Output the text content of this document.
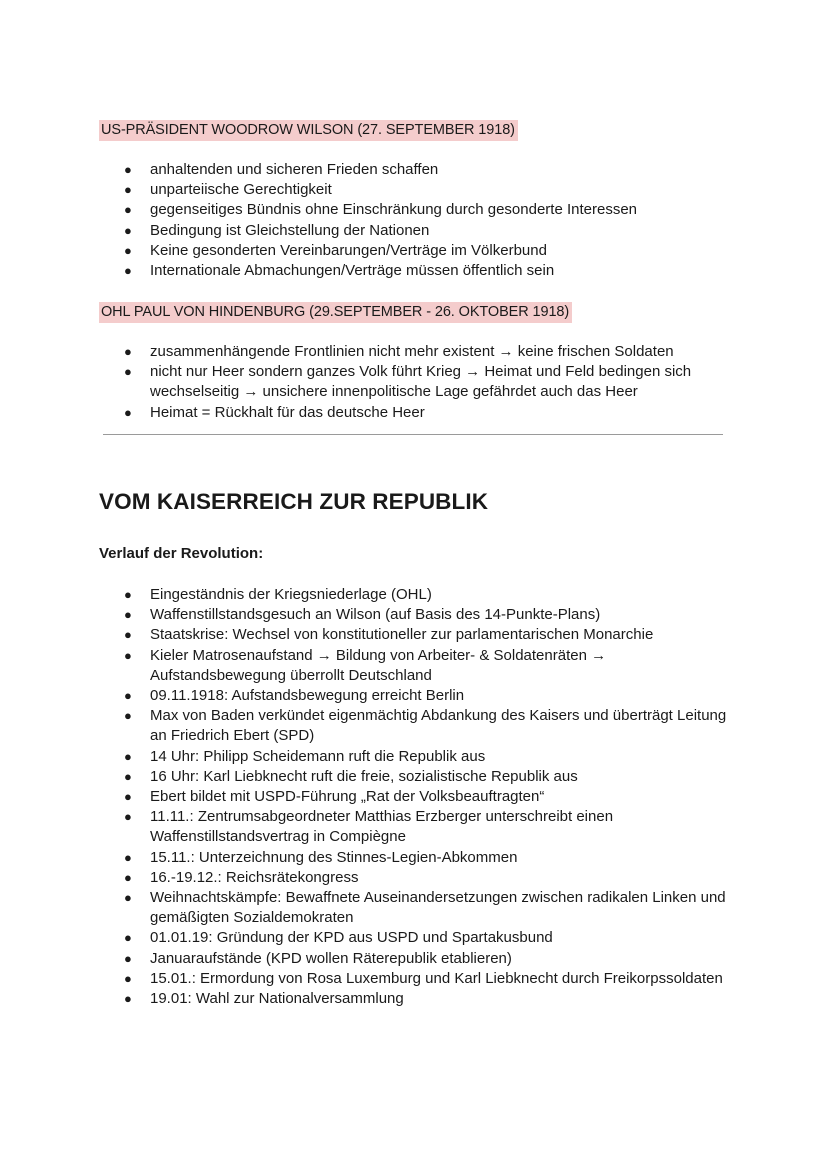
US-PRÄSIDENT WOODROW WILSON (27. SEPTEMBER 1918)
● anhaltenden und sicheren Frieden schaffen
● unparteiische Gerechtigkeit
● gegenseitiges Bündnis ohne Einschränkung durch gesonderte Interessen
● Bedingung ist Gleichstellung der Nationen
● Keine gesonderten Vereinbarungen/Verträge im Völkerbund
● Internationale Abmachungen/Verträge müssen öffentlich sein
OHL PAUL VON HINDENBURG (29.SEPTEMBER - 26. OKTOBER 1918)
● zusammenhängende Frontlinien nicht mehr existent → keine frischen Soldaten
● nicht nur Heer sondern ganzes Volk führt Krieg → Heimat und Feld bedingen sich wechselseitig → unsichere innenpolitische Lage gefährdet auch das Heer
● Heimat = Rückhalt für das deutsche Heer
VOM KAISERREICH ZUR REPUBLIK
Verlauf der Revolution:
● Eingeständnis der Kriegsniederlage (OHL)
● Waffenstillstandsgesuch an Wilson (auf Basis des 14-Punkte-Plans)
● Staatskrise: Wechsel von konstitutioneller zur parlamentarischen Monarchie
● Kieler Matrosenaufstand → Bildung von Arbeiter- & Soldatenräten → Aufstandsbewegung überrollt Deutschland
● 09.11.1918: Aufstandsbewegung erreicht Berlin
● Max von Baden verkündet eigenmächtig Abdankung des Kaisers und überträgt Leitung an Friedrich Ebert (SPD)
● 14 Uhr: Philipp Scheidemann ruft die Republik aus
● 16 Uhr: Karl Liebknecht ruft die freie, sozialistische Republik aus
● Ebert bildet mit USPD-Führung „Rat der Volksbeauftragten“
● 11.11.: Zentrumsabgeordneter Matthias Erzberger unterschreibt einen Waffenstillstandsvertrag in Compiègne
● 15.11.: Unterzeichnung des Stinnes-Legien-Abkommen
● 16.-19.12.: Reichsrätekongress
● Weihnachtskämpfe: Bewaffnete Auseinandersetzungen zwischen radikalen Linken und gemäßigten Sozialdemokraten
● 01.01.19: Gründung der KPD aus USPD und Spartakusbund
● Januaraufstände (KPD wollen Räterepublik etablieren)
● 15.01.: Ermordung von Rosa Luxemburg und Karl Liebknecht durch Freikorpssoldaten
● 19.01: Wahl zur Nationalversammlung
